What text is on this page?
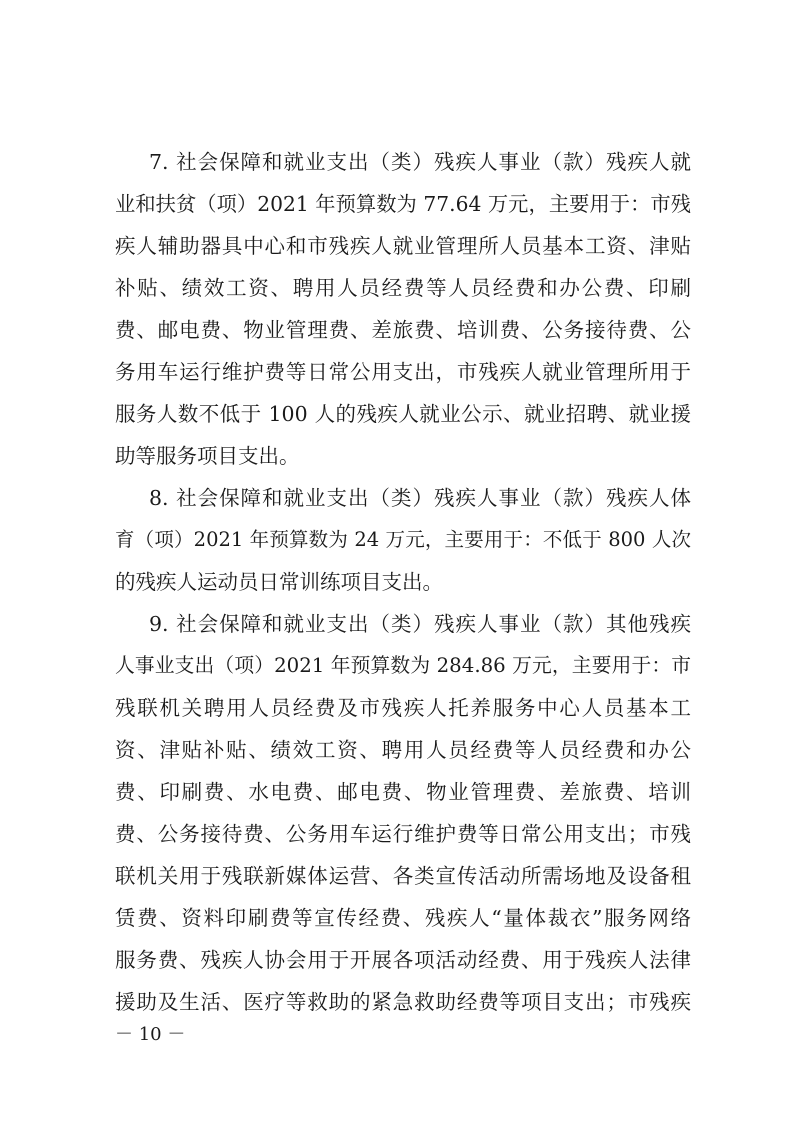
7. 社会保障和就业支出（类）残疾人事业（款）残疾人就
业和扶贫（项）2021 年预算数为 77.64 万元，主要用于：市残
疾人辅助器具中心和市残疾人就业管理所人员基本工资、津贴
补贴、绩效工资、聘用人员经费等人员经费和办公费、印刷
费、邮电费、物业管理费、差旅费、培训费、公务接待费、公
务用车运行维护费等日常公用支出，市残疾人就业管理所用于
服务人数不低于 100 人的残疾人就业公示、就业招聘、就业援
助等服务项目支出。
8. 社会保障和就业支出（类）残疾人事业（款）残疾人体
育（项）2021 年预算数为 24 万元，主要用于：不低于 800 人次
的残疾人运动员日常训练项目支出。
9. 社会保障和就业支出（类）残疾人事业（款）其他残疾
人事业支出（项）2021 年预算数为 284.86 万元，主要用于：市
残联机关聘用人员经费及市残疾人托养服务中心人员基本工
资、津贴补贴、绩效工资、聘用人员经费等人员经费和办公
费、印刷费、水电费、邮电费、物业管理费、差旅费、培训
费、公务接待费、公务用车运行维护费等日常公用支出；市残
联机关用于残联新媒体运营、各类宣传活动所需场地及设备租
赁费、资料印刷费等宣传经费、残疾人“量体裁衣”服务网络
服务费、残疾人协会用于开展各项活动经费、用于残疾人法律
援助及生活、医疗等救助的紧急救助经费等项目支出；市残疾
－ 10 －
